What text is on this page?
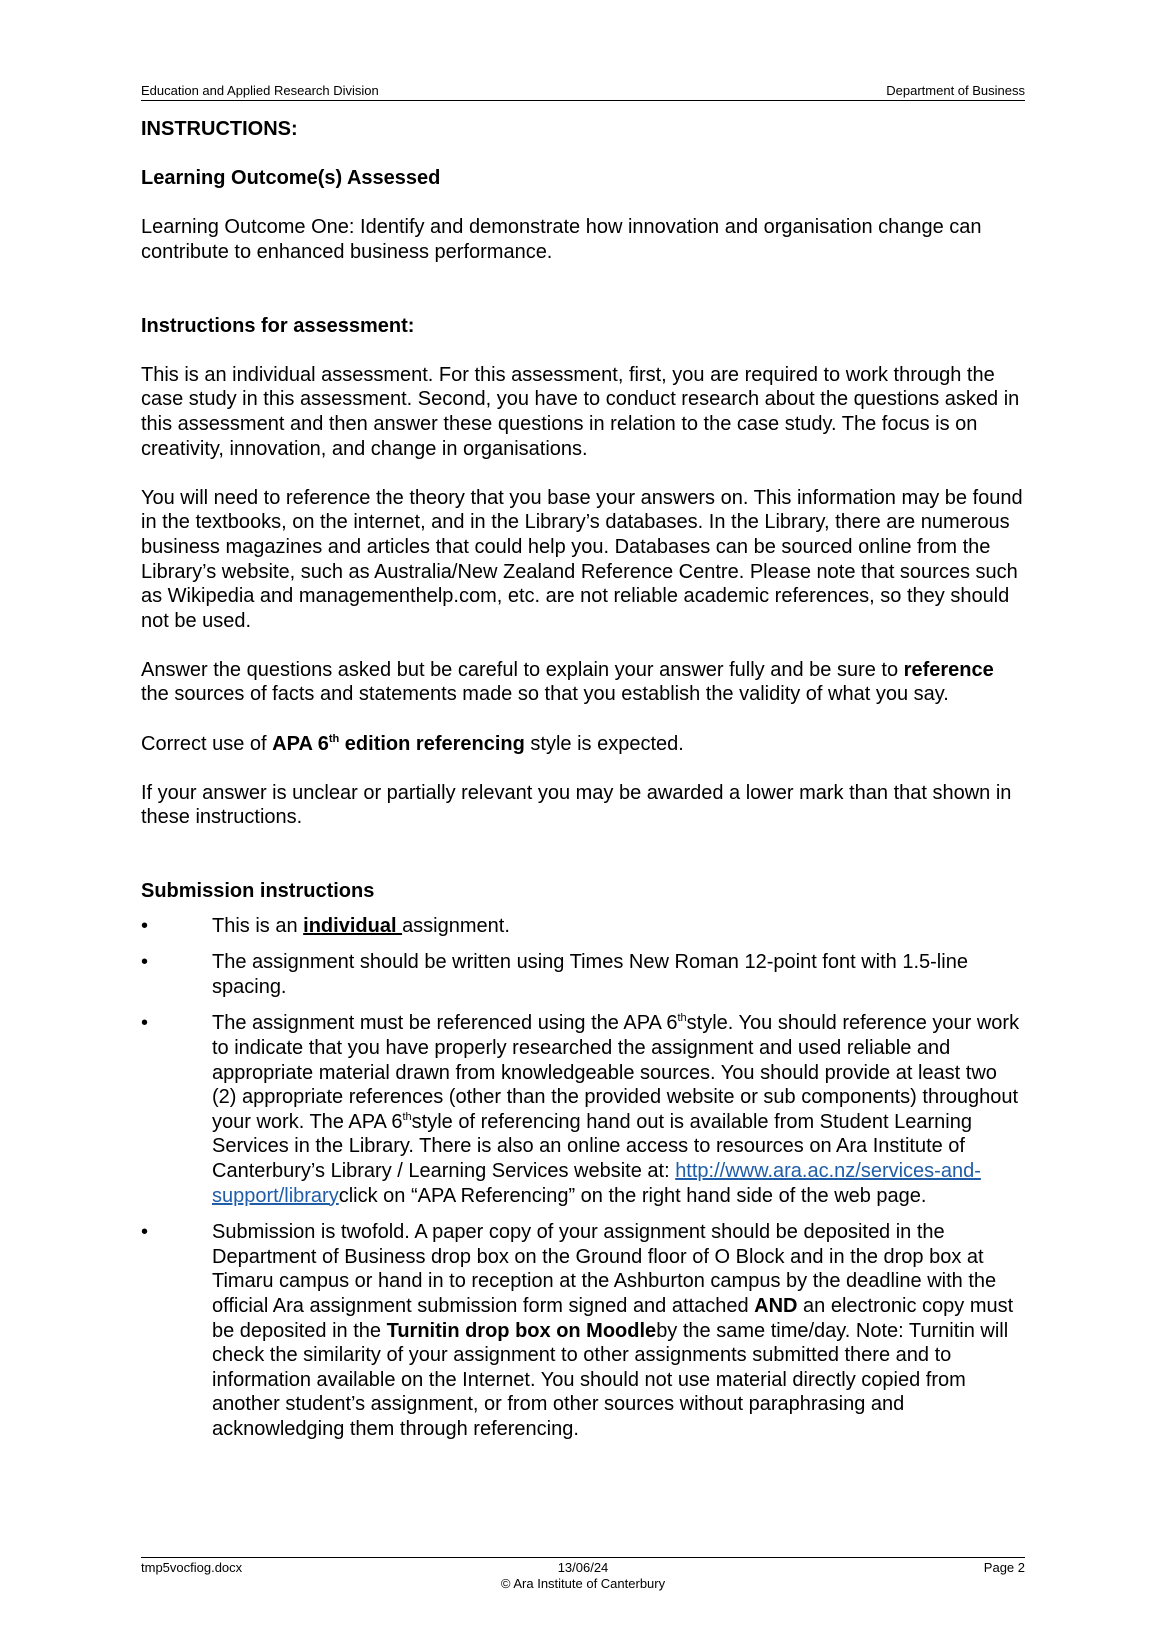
Education and Applied Research Division	Department of Business
INSTRUCTIONS:
Learning Outcome(s) Assessed

Learning Outcome One: Identify and demonstrate how innovation and organisation change can contribute to enhanced business performance.

Instructions for assessment:

This is an individual assessment. For this assessment, first, you are required to work through the case study in this assessment. Second, you have to conduct research about the questions asked in this assessment and then answer these questions in relation to the case study. The focus is on creativity, innovation, and change in organisations.

You will need to reference the theory that you base your answers on. This information may be found in the textbooks, on the internet, and in the Library’s databases. In the Library, there are numerous business magazines and articles that could help you. Databases can be sourced online from the Library’s website, such as Australia/New Zealand Reference Centre. Please note that sources such as Wikipedia and managementhelp.com, etc. are not reliable academic references, so they should not be used.

Answer the questions asked but be careful to explain your answer fully and be sure to reference the sources of facts and statements made so that you establish the validity of what you say.

Correct use of APA 6th edition referencing style is expected.

If your answer is unclear or partially relevant you may be awarded a lower mark than that shown in these instructions.

Submission instructions
•	This is an individual assignment.
•	The assignment should be written using Times New Roman 12-point font with 1.5-line spacing.
•	The assignment must be referenced using the APA 6thstyle. You should reference your work to indicate that you have properly researched the assignment and used reliable and appropriate material drawn from knowledgeable sources. You should provide at least two (2) appropriate references (other than the provided website or sub components) throughout your work. The APA 6thstyle of referencing hand out is available from Student Learning Services in the Library. There is also an online access to resources on Ara Institute of Canterbury’s Library / Learning Services website at: http://www.ara.ac.nz/services-and-support/libraryclick on “APA Referencing” on the right hand side of the web page.
•	Submission is twofold. A paper copy of your assignment should be deposited in the Department of Business drop box on the Ground floor of O Block and in the drop box at Timaru campus or hand in to reception at the Ashburton campus by the deadline with the official Ara assignment submission form signed and attached AND an electronic copy must be deposited in the Turnitin drop box on Moodleby the same time/day. Note: Turnitin will check the similarity of your assignment to other assignments submitted there and to information available on the Internet. You should not use material directly copied from another student’s assignment, or from other sources without paraphrasing and acknowledging them through referencing.
tmp5vocfiog.docx	13/06/24
© Ara Institute of Canterbury
Page 2
